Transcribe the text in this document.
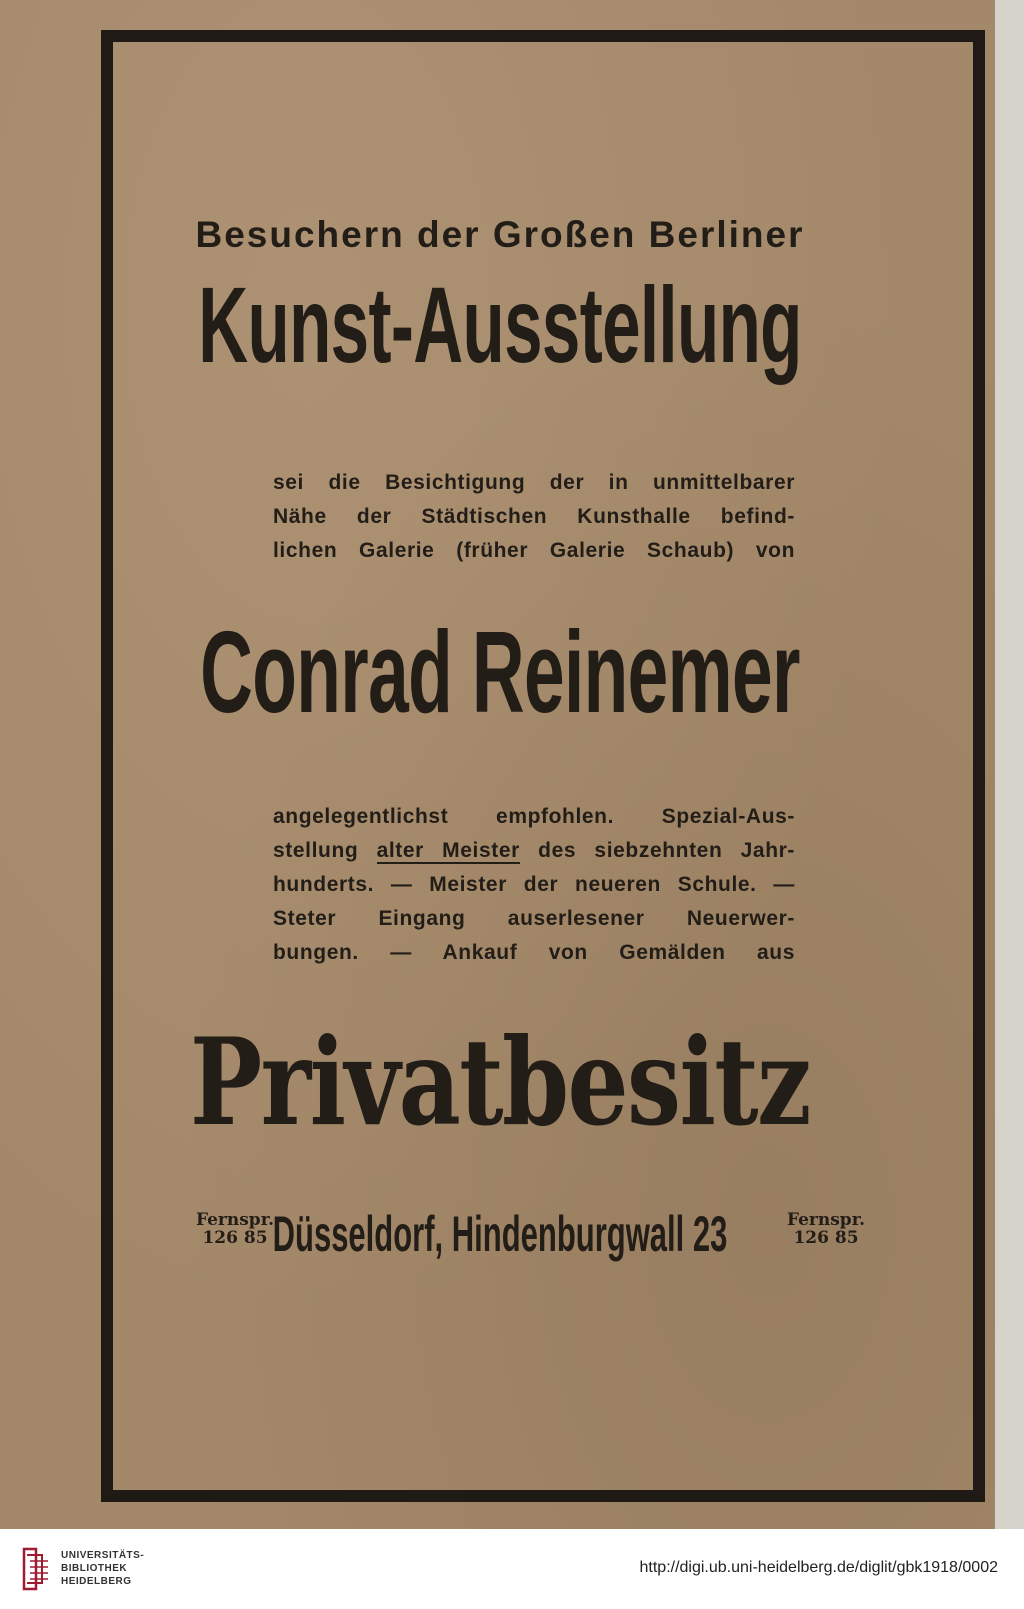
Besuchern der Großen Berliner
Kunst-Ausstellung
sei die Besichtigung der in unmittelbarer
Nähe der Städtischen Kunsthalle befind-
lichen Galerie (früher Galerie Schaub) von
Conrad Reinemer
angelegentlichst empfohlen. Spezial-Aus-
stellung alter Meister des siebzehnten Jahr-
hunderts. — Meister der neueren Schule. —
Steter Eingang auserlesener Neuerwer-
bungen. — Ankauf von Gemälden aus
Privatbesitz
Fernspr.
126 85 Düsseldorf, Hindenburgwall 23	Fernspr.
126 85
UNIVERSITÄTS-
BIBLIOTHEK
HEIDELBERG
http://digi.ub.uni-heidelberg.de/diglit/gbk1918/0002
